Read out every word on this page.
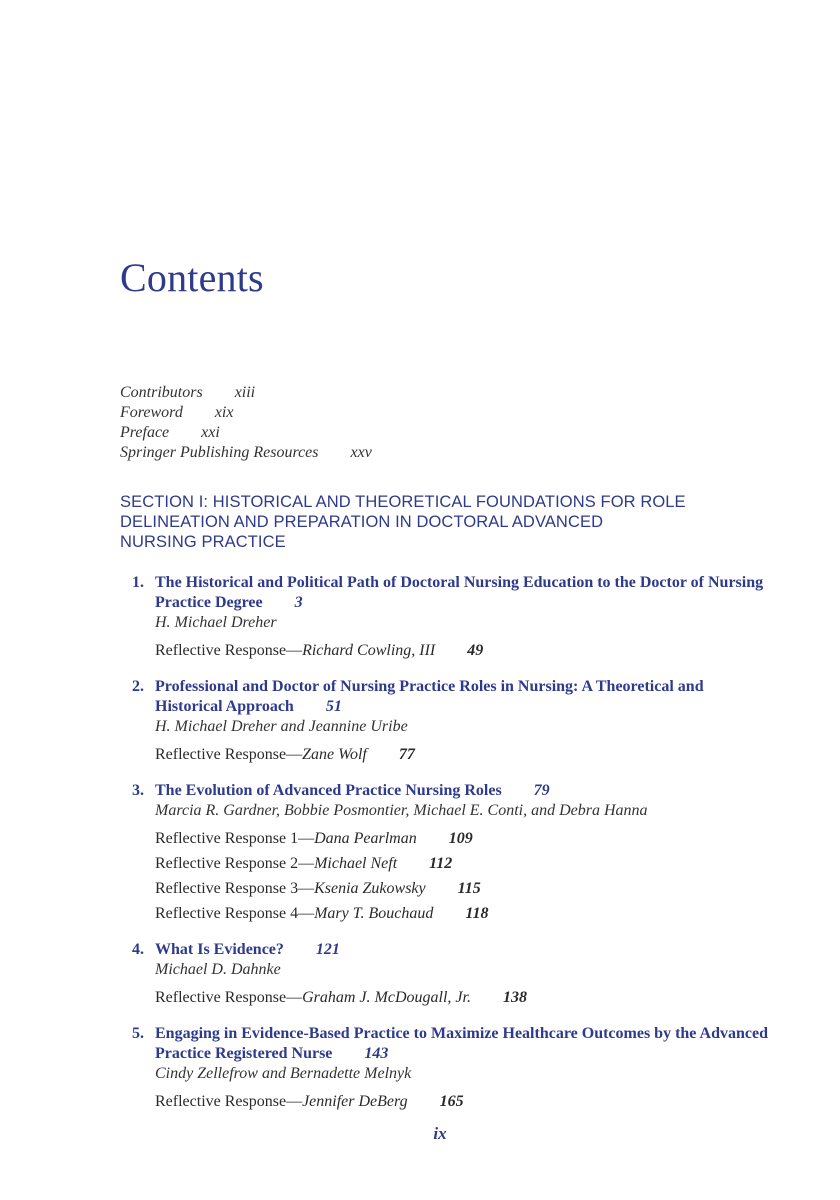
Contents
Contributors xiii
Foreword xix
Preface xxi
Springer Publishing Resources xxv
SECTION I: HISTORICAL AND THEORETICAL FOUNDATIONS FOR ROLE
DELINEATION AND PREPARATION IN DOCTORAL ADVANCED
NURSING PRACTICE
1. The Historical and Political Path of Doctoral Nursing Education to the Doctor of Nursing Practice Degree 3
H. Michael Dreher
Reflective Response—Richard Cowling, III 49
2. Professional and Doctor of Nursing Practice Roles in Nursing: A Theoretical and Historical Approach 51
H. Michael Dreher and Jeannine Uribe
Reflective Response—Zane Wolf 77
3. The Evolution of Advanced Practice Nursing Roles 79
Marcia R. Gardner, Bobbie Posmontier, Michael E. Conti, and Debra Hanna
Reflective Response 1—Dana Pearlman 109
Reflective Response 2—Michael Neft 112
Reflective Response 3—Ksenia Zukowsky 115
Reflective Response 4—Mary T. Bouchaud 118
4. What Is Evidence? 121
Michael D. Dahnke
Reflective Response—Graham J. McDougall, Jr. 138
5. Engaging in Evidence-Based Practice to Maximize Healthcare Outcomes by the Advanced Practice Registered Nurse 143
Cindy Zellefrow and Bernadette Melnyk
Reflective Response—Jennifer DeBerg 165
ix
